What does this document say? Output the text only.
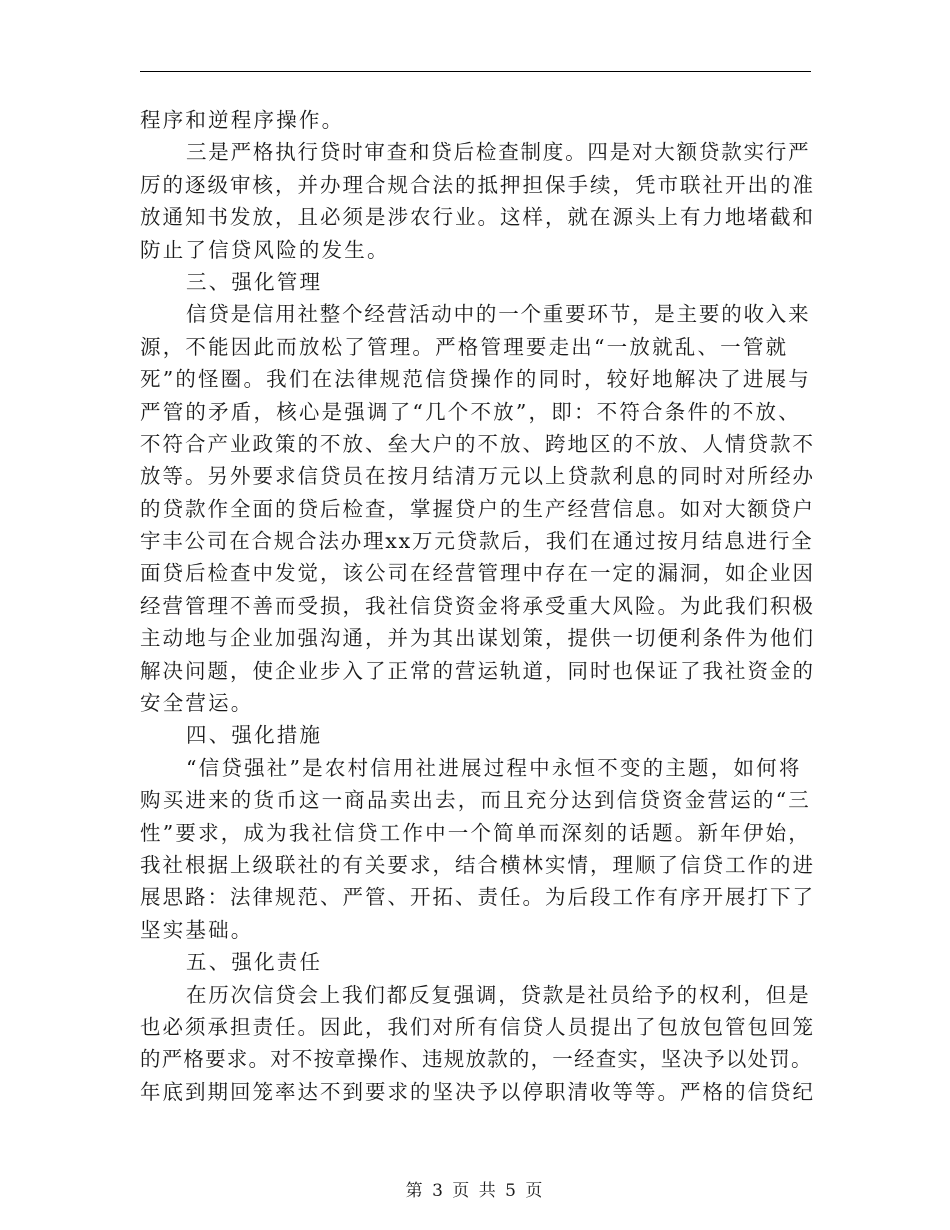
程序和逆程序操作。
三是严格执行贷时审查和贷后检查制度。四是对大额贷款实行严
厉的逐级审核，并办理合规合法的抵押担保手续，凭市联社开出的准
放通知书发放，且必须是涉农行业。这样，就在源头上有力地堵截和
防止了信贷风险的发生。
三、强化管理
信贷是信用社整个经营活动中的一个重要环节，是主要的收入来
源，不能因此而放松了管理。严格管理要走出“一放就乱、一管就
死”的怪圈。我们在法律规范信贷操作的同时，较好地解决了进展与
严管的矛盾，核心是强调了“几个不放”，即：不符合条件的不放、
不符合产业政策的不放、垒大户的不放、跨地区的不放、人情贷款不
放等。另外要求信贷员在按月结清万元以上贷款利息的同时对所经办
的贷款作全面的贷后检查，掌握贷户的生产经营信息。如对大额贷户
宇丰公司在合规合法办理xx万元贷款后，我们在通过按月结息进行全
面贷后检查中发觉，该公司在经营管理中存在一定的漏洞，如企业因
经营管理不善而受损，我社信贷资金将承受重大风险。为此我们积极
主动地与企业加强沟通，并为其出谋划策，提供一切便利条件为他们
解决问题，使企业步入了正常的营运轨道，同时也保证了我社资金的
安全营运。
四、强化措施
“信贷强社”是农村信用社进展过程中永恒不变的主题，如何将
购买进来的货币这一商品卖出去，而且充分达到信贷资金营运的“三
性”要求，成为我社信贷工作中一个简单而深刻的话题。新年伊始，
我社根据上级联社的有关要求，结合横林实情，理顺了信贷工作的进
展思路：法律规范、严管、开拓、责任。为后段工作有序开展打下了
坚实基础。
五、强化责任
在历次信贷会上我们都反复强调，贷款是社员给予的权利，但是
也必须承担责任。因此，我们对所有信贷人员提出了包放包管包回笼
的严格要求。对不按章操作、违规放款的，一经查实，坚决予以处罚。
年底到期回笼率达不到要求的坚决予以停职清收等等。严格的信贷纪
第 3 页 共 5 页
